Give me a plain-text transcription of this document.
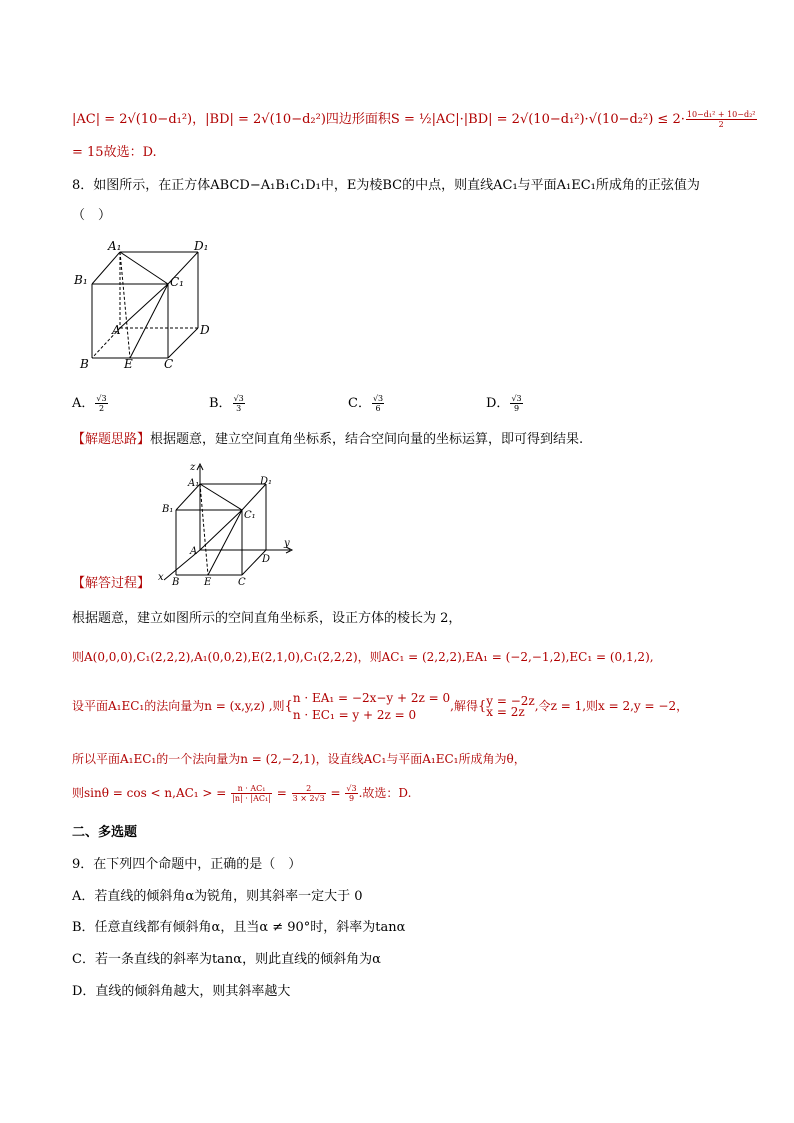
|AC| = 2√(10−d₁²)，|BD| = 2√(10−d₂²)四边形面积S = ½|AC|·|BD| = $2√(10-d_1^2)\cdot√(10-d_2^2) \le 2\cdot \frac{\text{10−d₁² + 10−d₂²}}{2}$
= 15故选：D.
8．如图所示，在正方体ABCD−A₁B₁C₁D₁中，E为棱BC的中点，则直线AC₁与平面A₁EC₁所成角的正弦值为
（　）
A₁	D₁
B₁	C₁
A	D
B	E	C
A． $\frac{√3}{2}$	B． $\frac{√3}{3}$	C． $\frac{√3}{6}$	D． $\frac{√3}{9}$
【解题思路】根据题意，建立空间直角坐标系，结合空间向量的坐标运算，即可得到结果.
z
y
x
A₁	D₁
B₁
C₁
A
D
B E	C
【解答过程】
根据题意，建立如图所示的空间直角坐标系，设正方体的棱长为 2，
则A(0,0,0),C₁(2,2,2),A₁(0,0,2),E(2,1,0),C₁(2,2,2)，则AC₁ = (2,2,2),EA₁ = (−2,−1,2),EC₁ = (0,1,2),
设平面A₁EC₁的法向量为n = (x,y,z) ,则{
n · EA₁ = −2x−y + 2z = 0
n · EC₁ = y + 2z = 0
,解得{ y = −2z
x = 2z ,令z = 1,则x = 2,y = −2，
所以平面A₁EC₁的一个法向量为n = (2,−2,1)，设直线AC₁与平面A₁EC₁所成角为θ，
则sinθ = cos < n,AC₁ > = $\frac{\text{n · AC₁}}{\text{|n| · |AC₁|}} = \frac{2}{3 \times 2√3} = \frac{√3}{9}$ .故选：D.
二、多选题
9．在下列四个命题中，正确的是（　）
A．若直线的倾斜角α为锐角，则其斜率一定大于 0
B．任意直线都有倾斜角α，且当α ≠ 90°时，斜率为tanα
C．若一条直线的斜率为tanα，则此直线的倾斜角为α
D．直线的倾斜角越大，则其斜率越大
